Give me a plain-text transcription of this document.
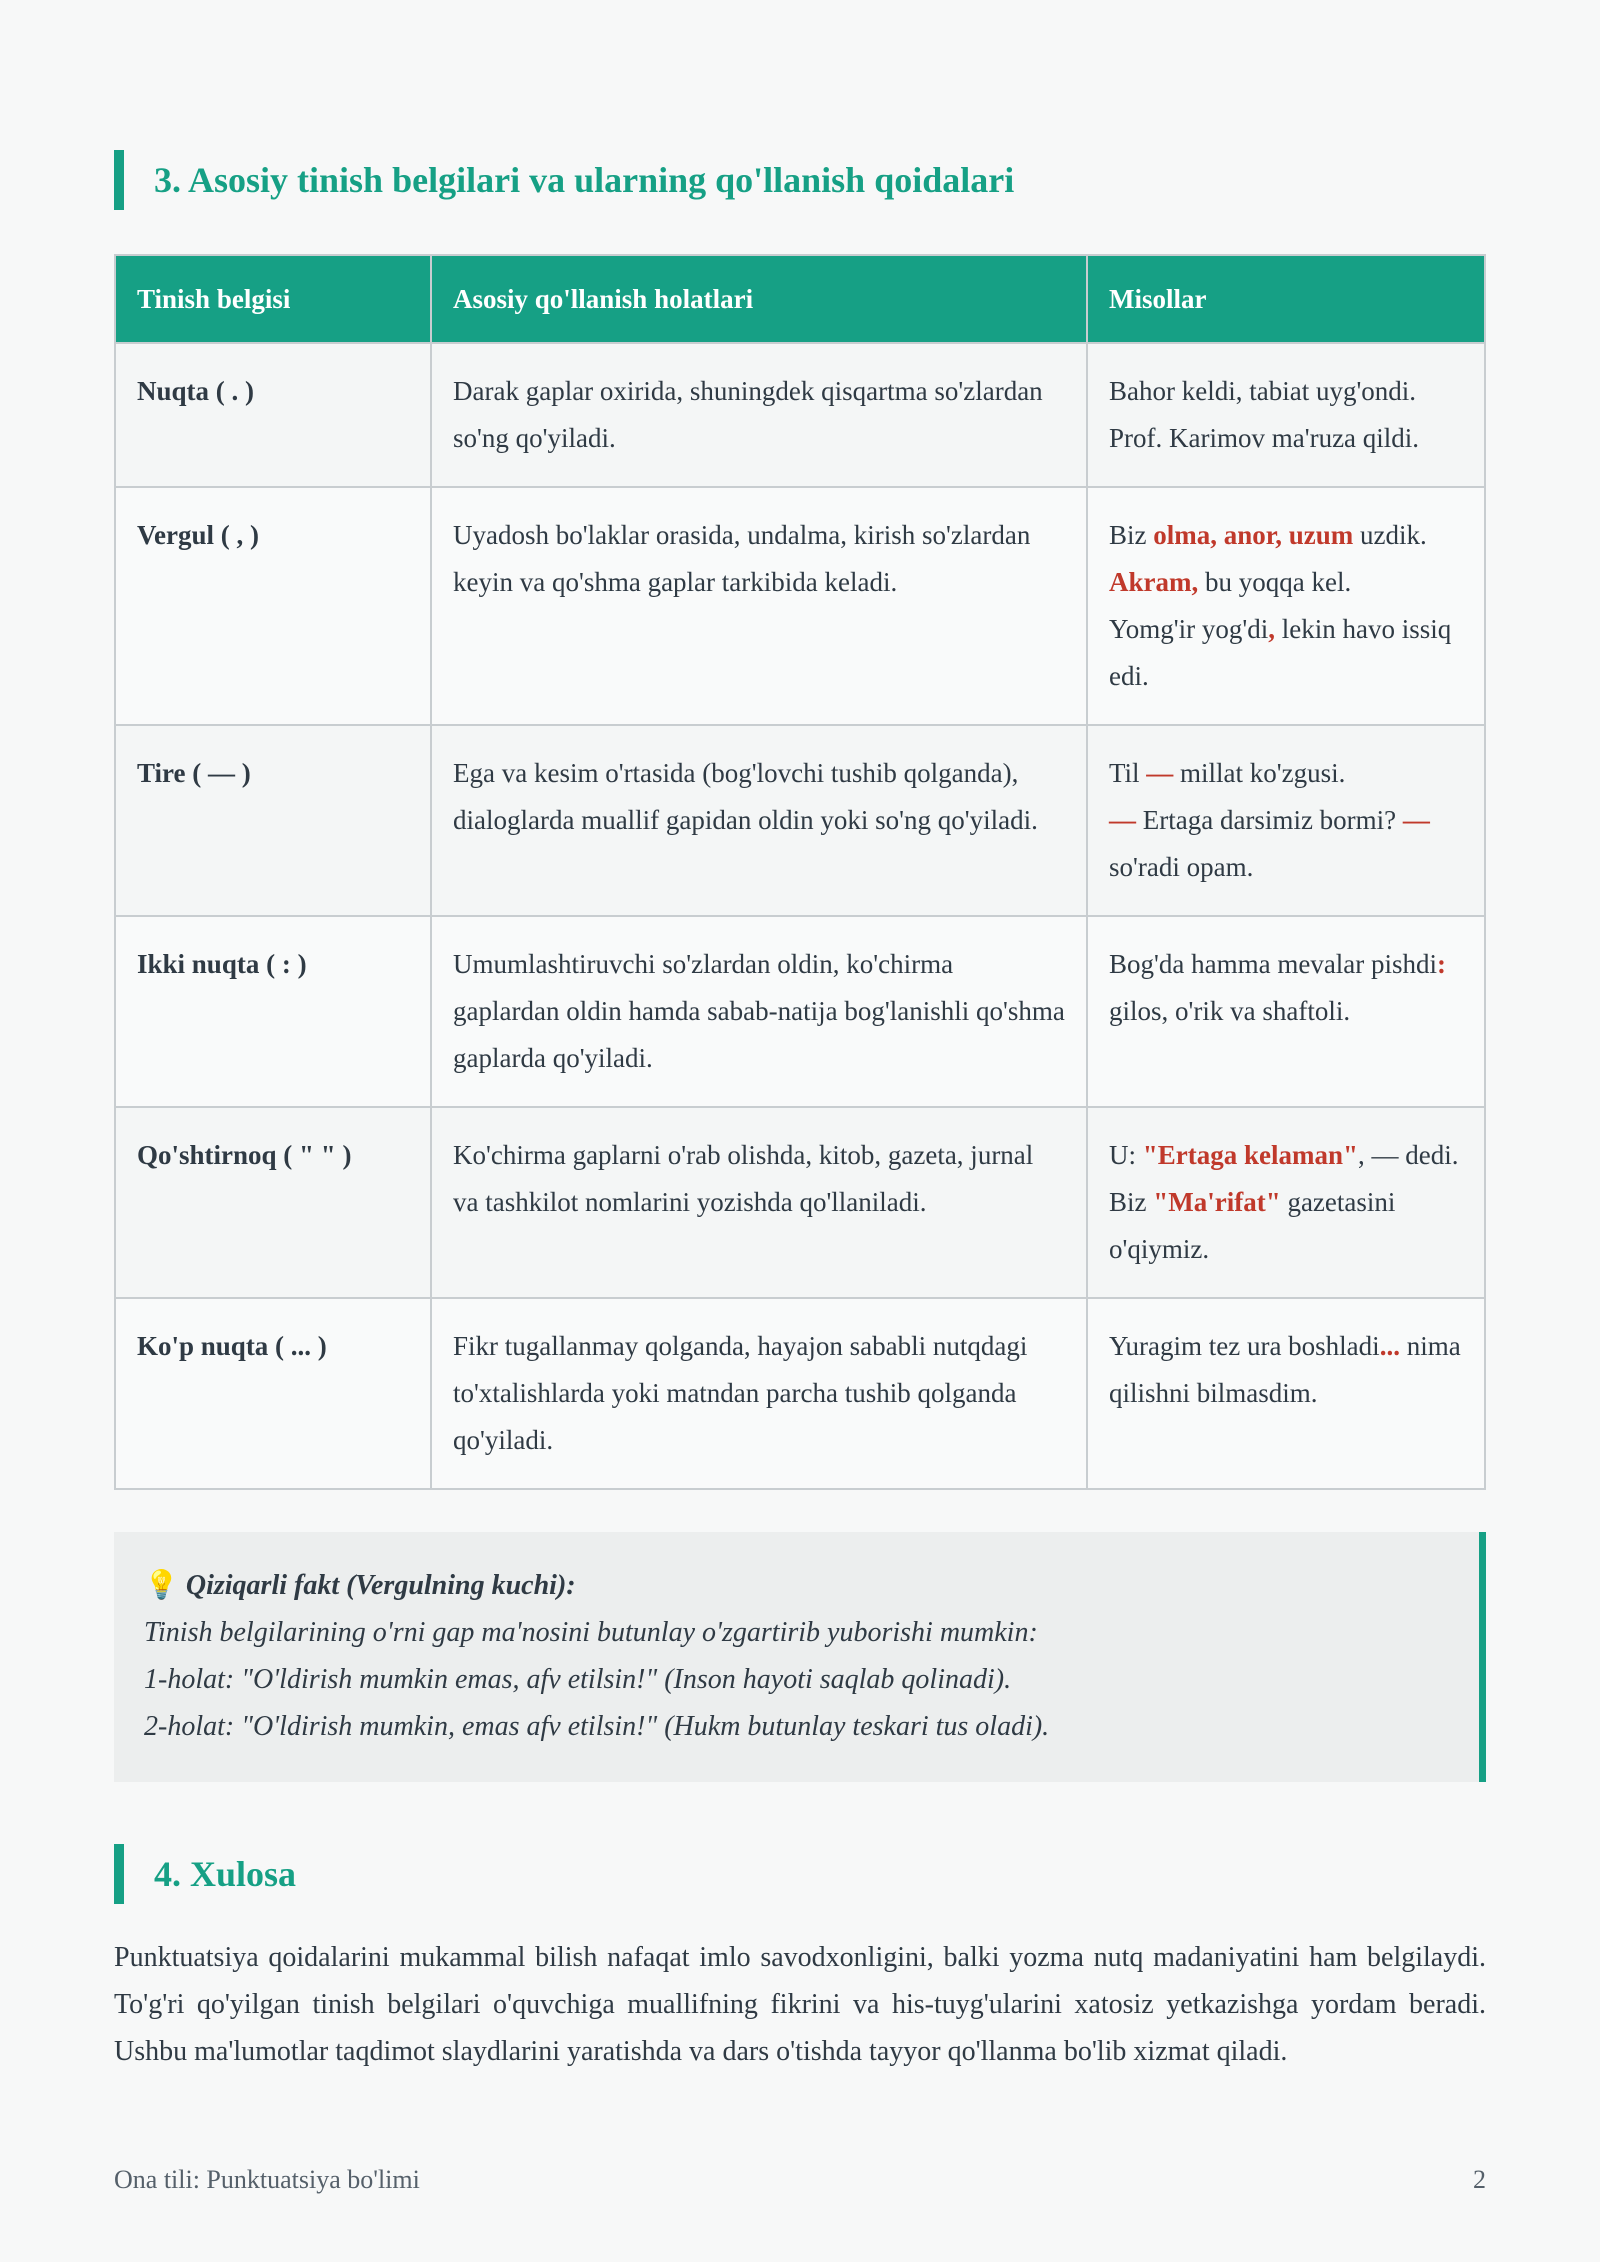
3. Asosiy tinish belgilari va ularning qo'llanish qoidalari
Tinish belgisi	Asosiy qo'llanish holatlari	Misollar
Nuqta ( . )	Darak gaplar oxirida, shuningdek qisqartma so'zlardan so'ng qo'yiladi.	Bahor keldi, tabiat uyg'ondi.
Prof. Karimov ma'ruza qildi.

Vergul ( , )	Uyadosh bo'laklar orasida, undalma, kirish so'zlardan keyin va qo'shma gaplar tarkibida keladi.	Biz olma, anor, uzum uzdik.
Akram, bu yoqqa kel.
Yomg'ir yog'di, lekin havo issiq edi.

Tire ( — )	Ega va kesim o'rtasida (bog'lovchi tushib qolganda), dialoglarda muallif gapidan oldin yoki so'ng qo'yiladi.	Til — millat ko'zgusi.
— Ertaga darsimiz bormi? — so'radi opam.

Ikki nuqta ( : )	Umumlashtiruvchi so'zlardan oldin, ko'chirma gaplardan oldin hamda sabab-natija bog'lanishli qo'shma gaplarda qo'yiladi.	Bog'da hamma mevalar pishdi: gilos, o'rik va shaftoli.

Qo'shtirnoq ( " " )	Ko'chirma gaplarni o'rab olishda, kitob, gazeta, jurnal va tashkilot nomlarini yozishda qo'llaniladi.	U: "Ertaga kelaman", — dedi.
Biz "Ma'rifat" gazetasini o'qiymiz.

Ko'p nuqta ( ... )	Fikr tugallanmay qolganda, hayajon sababli nutqdagi to'xtalishlarda yoki matndan parcha tushib qolganda qo'yiladi.	Yuragim tez ura boshladi... nima qilishni bilmasdim.
💡 Qiziqarli fakt (Vergulning kuchi):
Tinish belgilarining o'rni gap ma'nosini butunlay o'zgartirib yuborishi mumkin:
1-holat: "O'ldirish mumkin emas, afv etilsin!" (Inson hayoti saqlab qolinadi).
2-holat: "O'ldirish mumkin, emas afv etilsin!" (Hukm butunlay teskari tus oladi).
4. Xulosa

Punktuatsiya qoidalarini mukammal bilish nafaqat imlo savodxonligini, balki yozma nutq madaniyatini ham belgilaydi. To'g'ri qo'yilgan tinish belgilari o'quvchiga muallifning fikrini va his-tuyg'ularini xatosiz yetkazishga yordam beradi. Ushbu ma'lumotlar taqdimot slaydlarini yaratishda va dars o'tishda tayyor qo'llanma bo'lib xizmat qiladi.

Ona tili: Punktuatsiya bo'limi	2
